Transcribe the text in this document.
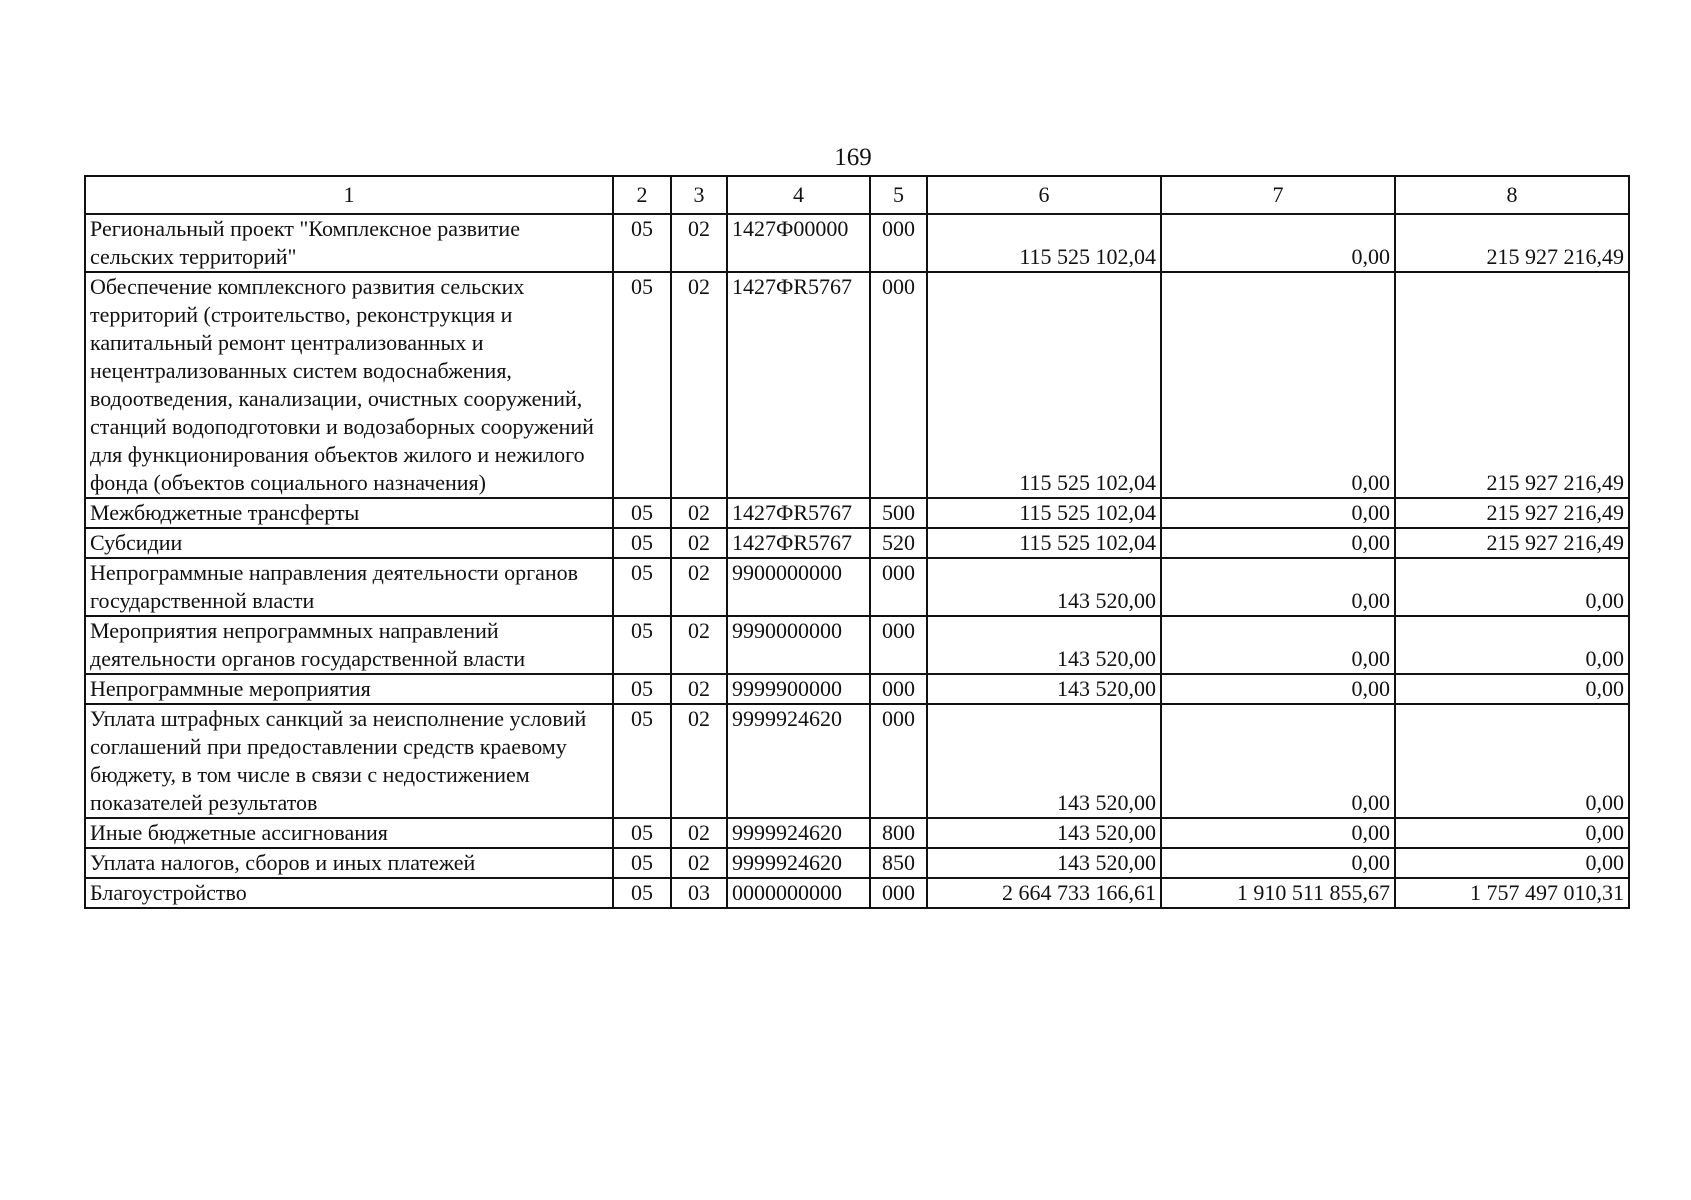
169
1	2	3	4	5	6	7	8
Региональный проект "Комплексное развитие сельских территорий"	05	02	1427Ф00000	000	115 525 102,04	0,00	215 927 216,49
Обеспечение комплексного развития сельских территорий (строительство, реконструкция и капитальный ремонт централизованных и нецентрализованных систем водоснабжения, водоотведения, канализации, очистных сооружений, станций водоподготовки и водозаборных сооружений для функционирования объектов жилого и нежилого фонда (объектов социального назначения)	05	02	1427ФR5767	000	115 525 102,04	0,00	215 927 216,49
Межбюджетные трансферты	05	02	1427ФR5767	500	115 525 102,04	0,00	215 927 216,49
Субсидии	05	02	1427ФR5767	520	115 525 102,04	0,00	215 927 216,49
Непрограммные направления деятельности органов государственной власти	05	02	9900000000	000	143 520,00	0,00	0,00
Мероприятия непрограммных направлений деятельности органов государственной власти	05	02	9990000000	000	143 520,00	0,00	0,00
Непрограммные мероприятия	05	02	9999900000	000	143 520,00	0,00	0,00
Уплата штрафных санкций за неисполнение условий соглашений при предоставлении средств краевому бюджету, в том числе в связи с недостижением показателей результатов	05	02	9999924620	000	143 520,00	0,00	0,00
Иные бюджетные ассигнования	05	02	9999924620	800	143 520,00	0,00	0,00
Уплата налогов, сборов и иных платежей	05	02	9999924620	850	143 520,00	0,00	0,00
Благоустройство	05	03	0000000000	000	2 664 733 166,61	1 910 511 855,67	1 757 497 010,31
